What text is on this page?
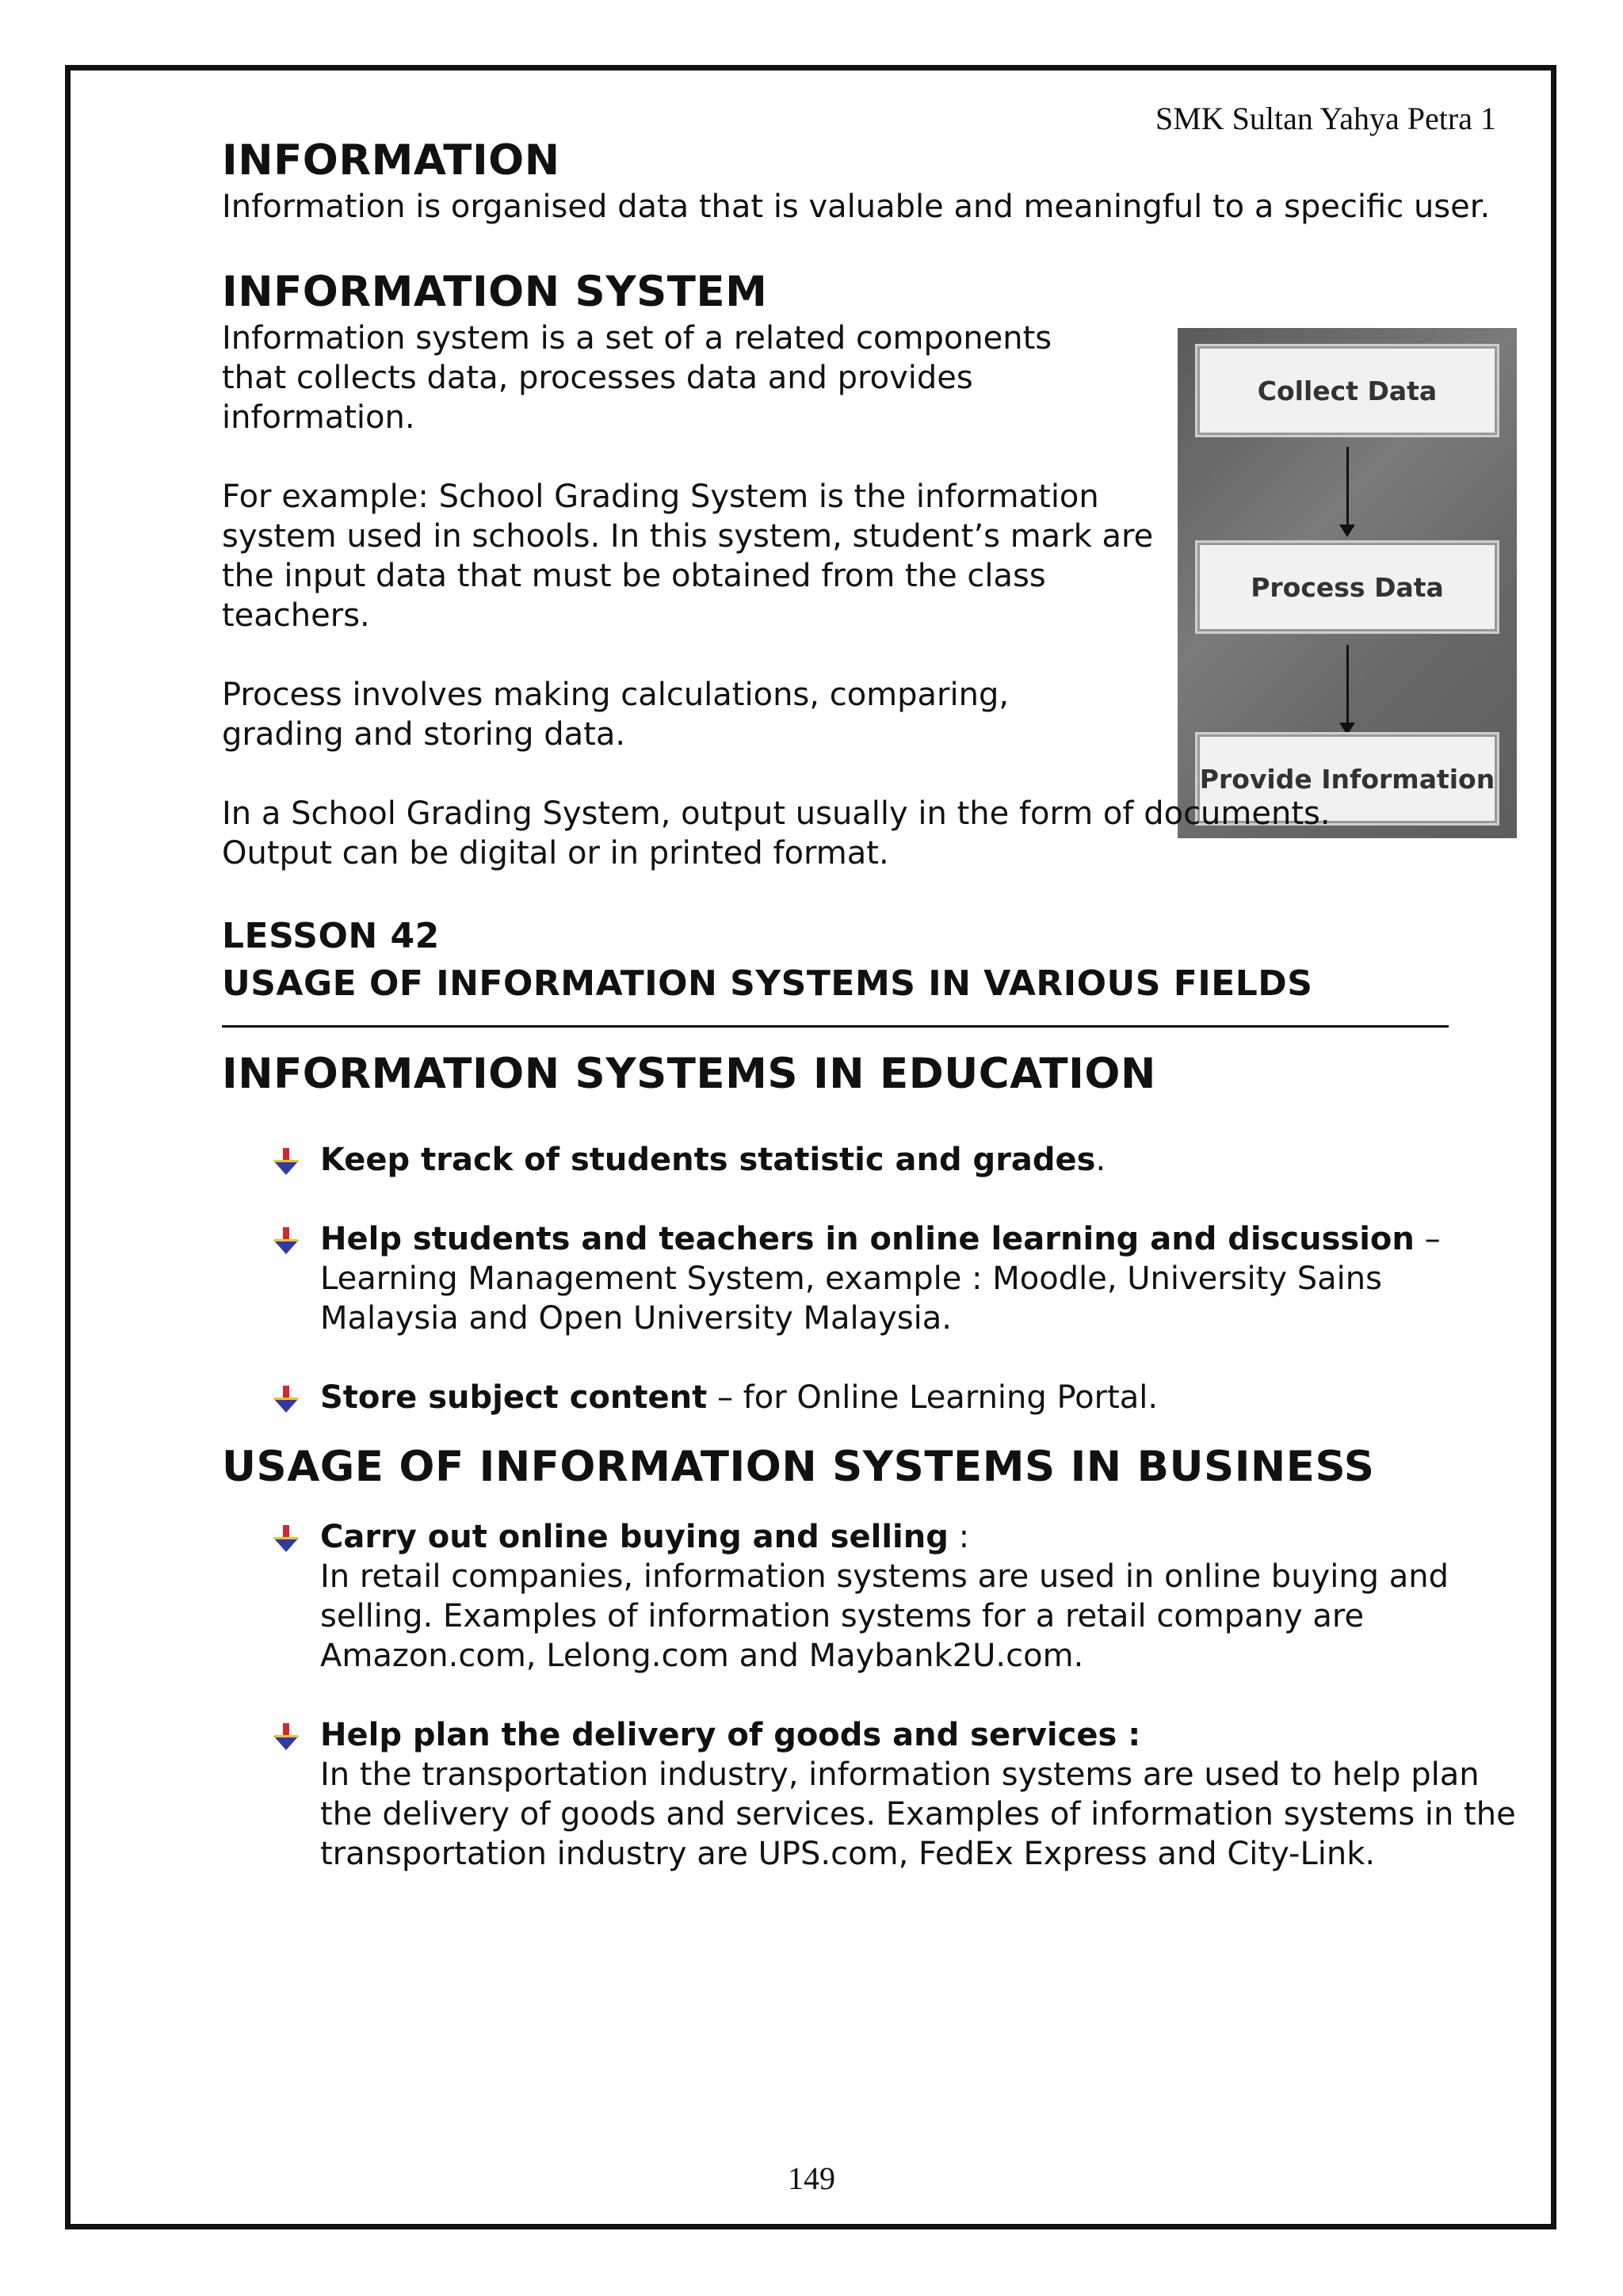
SMK Sultan Yahya Petra 1
Collect Data
Process Data
Provide Information
INFORMATION

Information is organised data that is valuable and meaningful to a specific user.

INFORMATION SYSTEM

Information system is a set of a related components that collects data, processes data and provides information.

For example: School Grading System is the information system used in schools. In this system, student’s mark are the input data that must be obtained from the class teachers.

Process involves making calculations, comparing, grading and storing data.

In a School Grading System, output usually in the form of documents. Output can be digital or in printed format.

LESSON 42
USAGE OF INFORMATION SYSTEMS IN VARIOUS FIELDS
INFORMATION SYSTEMS IN EDUCATION
Keep track of students statistic and grades.
Help students and teachers in online learning and discussion – Learning Management System, example : Moodle, University Sains Malaysia and Open University Malaysia.
Store subject content – for Online Learning Portal.
USAGE OF INFORMATION SYSTEMS IN BUSINESS
Carry out online buying and selling :
In retail companies, information systems are used in online buying and selling. Examples of information systems for a retail company are Amazon.com, Lelong.com and Maybank2U.com.
Help plan the delivery of goods and services :
In the transportation industry, information systems are used to help plan the delivery of goods and services. Examples of information systems in the transportation industry are UPS.com, FedEx Express and City-Link.
149
